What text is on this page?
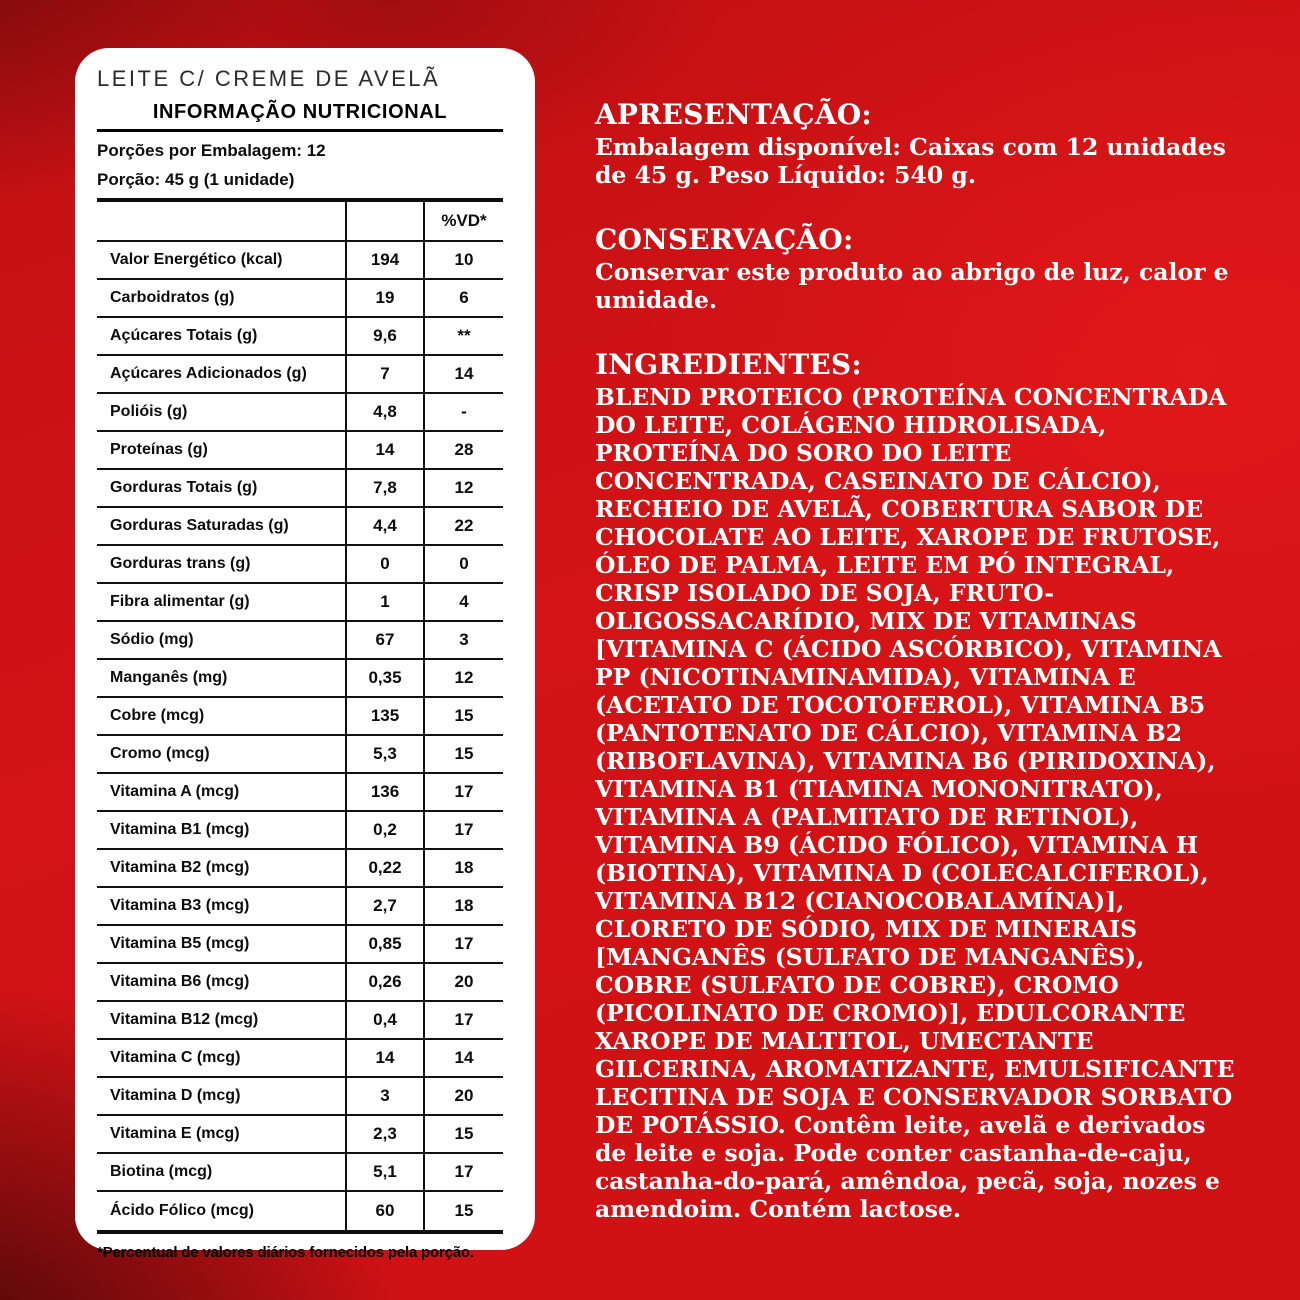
LEITE C/ CREME DE AVELÃ
INFORMAÇÃO NUTRICIONAL
Porções por Embalagem: 12
Porção: 45 g (1 unidade)
%VD*
Valor Energético (kcal)	194	10
Carboidratos (g)	19	6
Açúcares Totais (g)	9,6	**
Açúcares Adicionados (g)	7	14
Polióis (g)	4,8	-
Proteínas (g)	14	28
Gorduras Totais (g)	7,8	12
Gorduras Saturadas (g)	4,4	22
Gorduras trans (g)	0	0
Fibra alimentar (g)	1	4
Sódio (mg)	67	3
Manganês (mg)	0,35	12
Cobre (mcg)	135	15
Cromo (mcg)	5,3	15
Vitamina A (mcg)	136	17
Vitamina B1 (mcg)	0,2	17
Vitamina B2 (mcg)	0,22	18
Vitamina B3 (mcg)	2,7	18
Vitamina B5 (mcg)	0,85	17
Vitamina B6 (mcg)	0,26	20
Vitamina B12 (mcg)	0,4	17
Vitamina C (mcg)	14	14
Vitamina D (mcg)	3	20
Vitamina E (mcg)	2,3	15
Biotina (mcg)	5,1	17
Ácido Fólico (mcg)	60	15
*Percentual de valores diários fornecidos pela porção.
APRESENTAÇÃO:

Embalagem disponível: Caixas com 12 unidades de 45 g. Peso Líquido: 540 g.

CONSERVAÇÃO:

Conservar este produto ao abrigo de luz, calor e umidade.

INGREDIENTES:

BLEND PROTEICO (PROTEÍNA CONCENTRADA DO LEITE, COLÁGENO HIDROLISADA, PROTEÍNA DO SORO DO LEITE CONCENTRADA, CASEINATO DE CÁLCIO), RECHEIO DE AVELÃ, COBERTURA SABOR DE CHOCOLATE AO LEITE, XAROPE DE FRUTOSE, ÓLEO DE PALMA, LEITE EM PÓ INTEGRAL, CRISP ISOLADO DE SOJA, FRUTO-OLIGOSSACARÍDIO, MIX DE VITAMINAS [VITAMINA C (ÁCIDO ASCÓRBICO), VITAMINA PP (NICOTINAMINAMIDA), VITAMINA E (ACETATO DE TOCOTOFEROL), VITAMINA B5 (PANTOTENATO DE CÁLCIO), VITAMINA B2 (RIBOFLAVINA), VITAMINA B6 (PIRIDOXINA), VITAMINA B1 (TIAMINA MONONITRATO), VITAMINA A (PALMITATO DE RETINOL), VITAMINA B9 (ÁCIDO FÓLICO), VITAMINA H (BIOTINA), VITAMINA D (COLECALCIFEROL), VITAMINA B12 (CIANOCOBALAMÍNA)], CLORETO DE SÓDIO, MIX DE MINERAIS [MANGANÊS (SULFATO DE MANGANÊS), COBRE (SULFATO DE COBRE), CROMO (PICOLINATO DE CROMO)], EDULCORANTE XAROPE DE MALTITOL, UMECTANTE GILCERINA, AROMATIZANTE, EMULSIFICANTE LECITINA DE SOJA E CONSERVADOR SORBATO DE POTÁSSIO. Contêm leite, avelã e derivados de leite e soja. Pode conter castanha-de-caju, castanha-do-pará, amêndoa, pecã, soja, nozes e amendoim. Contém lactose.
